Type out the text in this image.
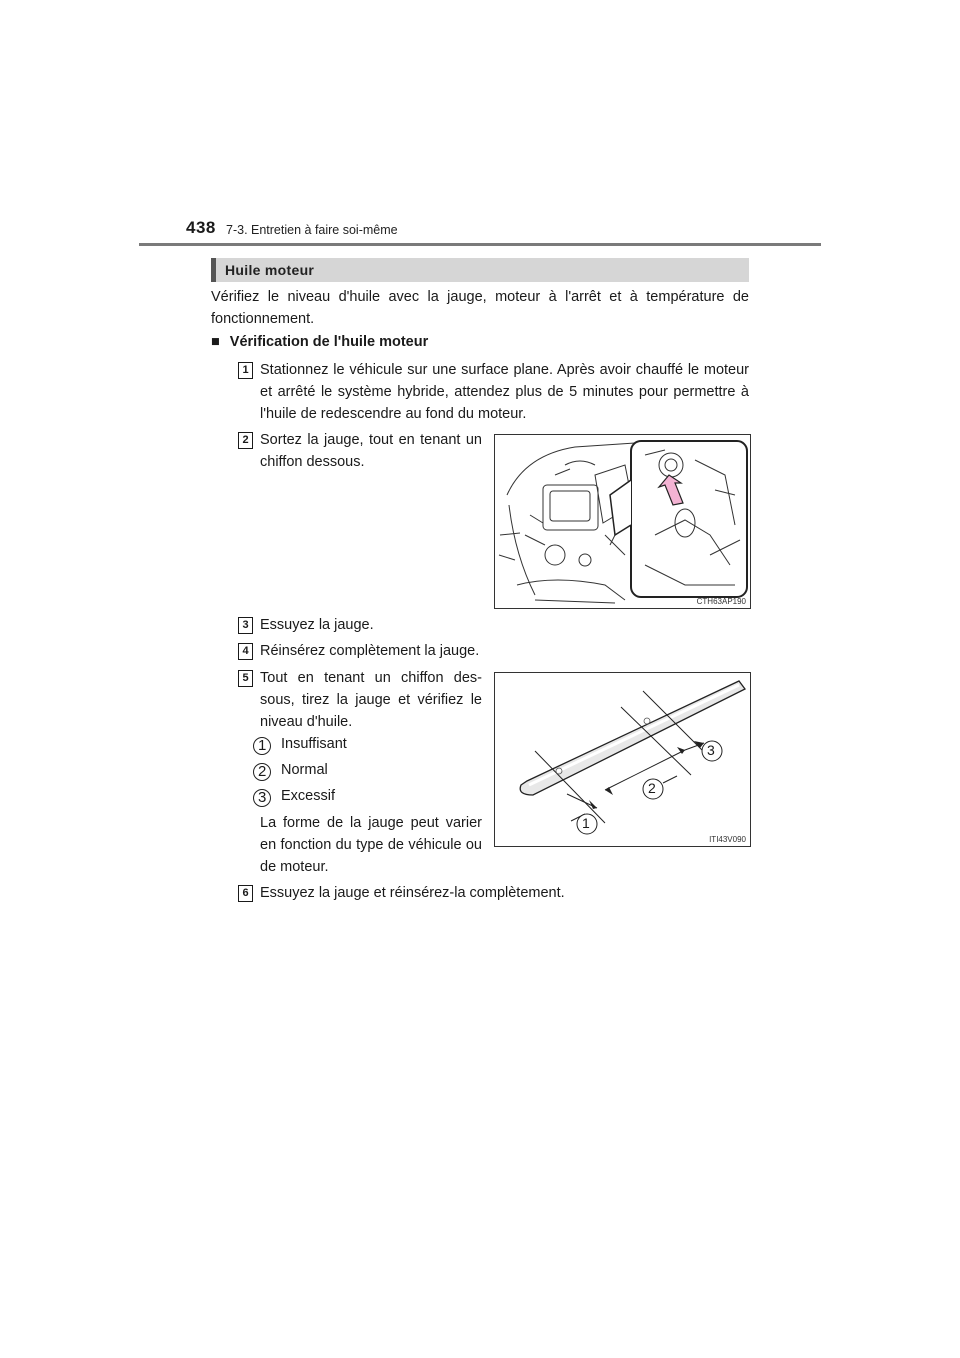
438 7-3. Entretien à faire soi-même
Huile moteur
Vérifiez le niveau d'huile avec la jauge, moteur à l'arrêt et à température de fonctionnement.
■ Vérification de l'huile moteur
1 Stationnez le véhicule sur une surface plane. Après avoir chauffé le moteur et arrêté le système hybride, attendez plus de 5 minutes pour permettre à l'huile de redescendre au fond du moteur.
2 Sortez la jauge, tout en tenant un chiffon dessous.
CTH63AP190
3 Essuyez la jauge.
4 Réinsérez complètement la jauge.
5 Tout en tenant un chiffon des-sous, tirez la jauge et vérifiez le niveau d'huile.
1 Insuffisant
2 Normal
3 Excessif
La forme de la jauge peut varier en fonction du type de véhicule ou de moteur.
1
2
3
ITI43V090
6 Essuyez la jauge et réinsérez-la complètement.
